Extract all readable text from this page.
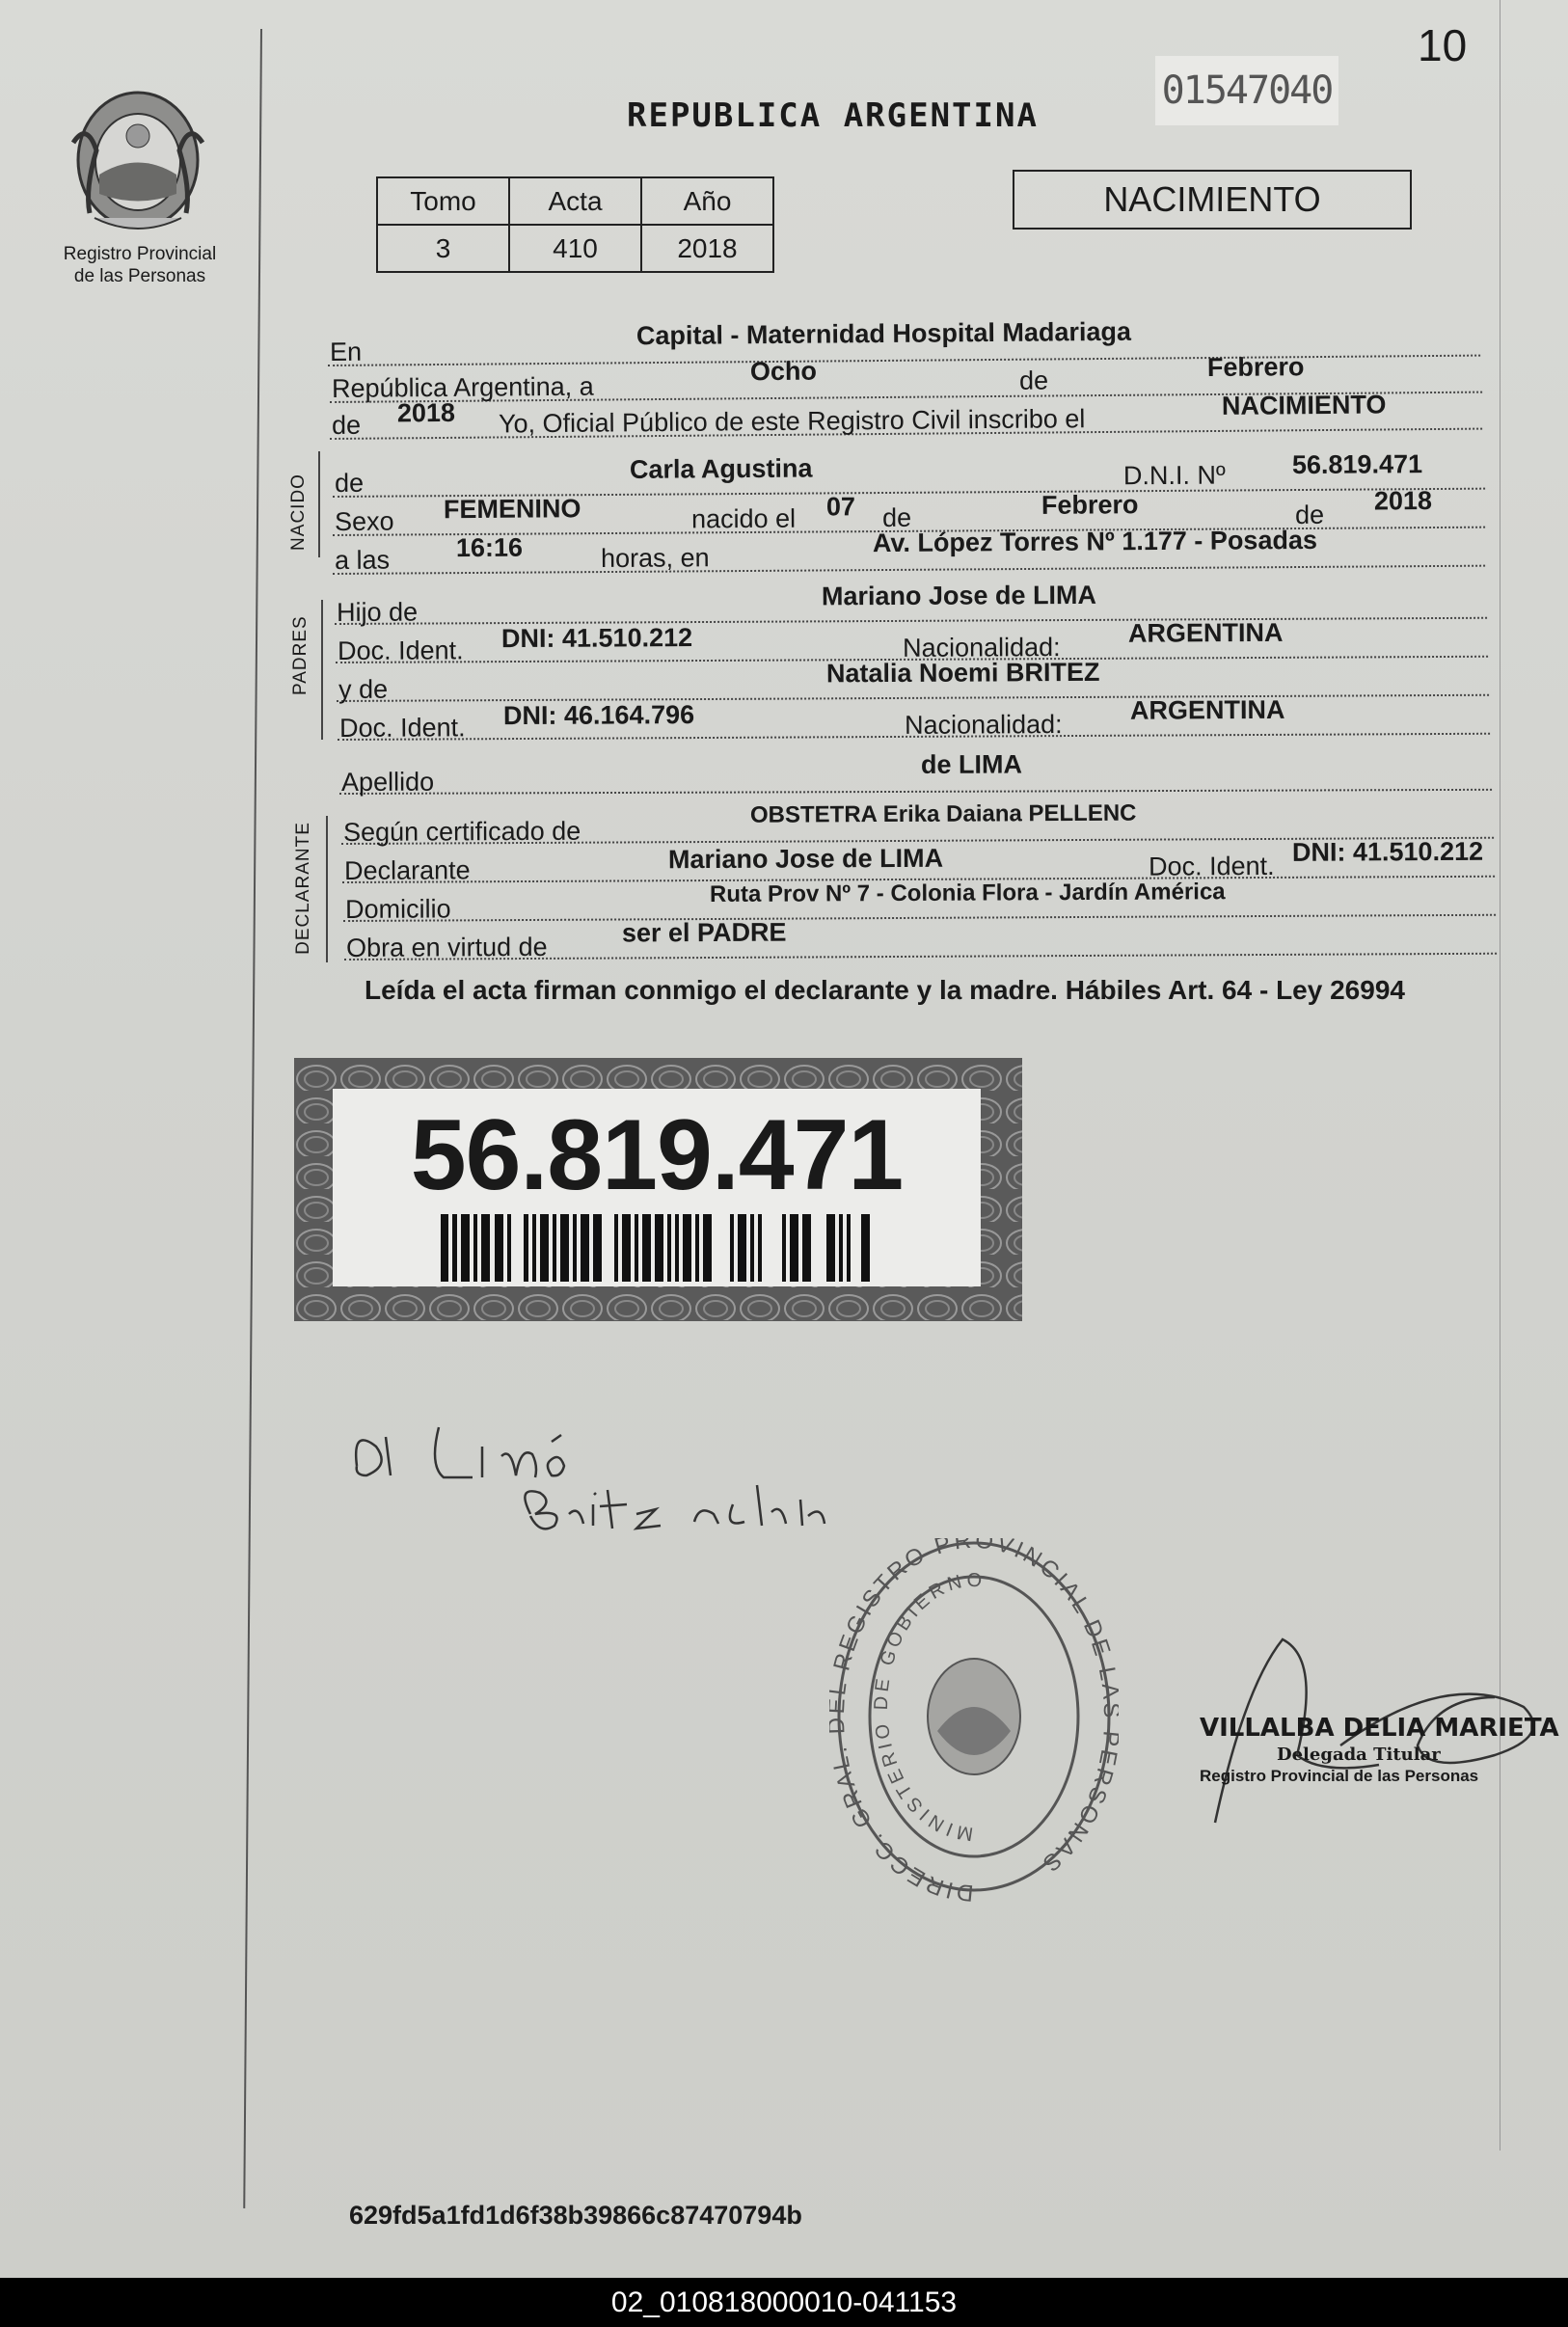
10
Registro Provincial
de las Personas
REPUBLICA ARGENTINA
01547040
Tomo	Acta	Año
3	410	2018
NACIMIENTO
En
Capital - Maternidad Hospital Madariaga
República Argentina, a
Ocho	de	Febrero
de 2018 Yo, Oficial Público de este Registro Civil inscribo el	NACIMIENTO
NACIDO de	Carla Agustina	D.N.I. Nº	56.819.471
Sexo FEMENINO	nacido el 07 de	Febrero	de 2018
a las	16:16	horas, en
Av. López Torres Nº 1.177 - Posadas
PADRES
Hijo de
Mariano Jose de LIMA
Doc. Ident. DNI: 41.510.212	Nacionalidad:	ARGENTINA
y de
Natalia Noemi BRITEZ
Doc. Ident. DNI: 46.164.796	Nacionalidad:	ARGENTINA
Apellido
de LIMA
DECLARANTE Según certificado de
OBSTETRA Erika Daiana PELLENC
Declarante	Mariano Jose de LIMA	Doc. Ident. DNI: 41.510.212
Domicilio
Ruta Prov Nº 7 - Colonia Flora - Jardín América
Obra en virtud de	ser el PADRE
Leída el acta firman conmigo el declarante y la madre. Hábiles Art. 64 - Ley 26994
56.819.471
DIRECC. GRAL REGISTRO PROVINCIAL DE RSONAS
MINISTERIO DE GOBIERNO
VILLALBA DELIA MARIETA
Delegada Titular
Registro Provincial de las Personas
629fd5a1fd1d6f38b39866c87470794b
02_010818000010-041153
